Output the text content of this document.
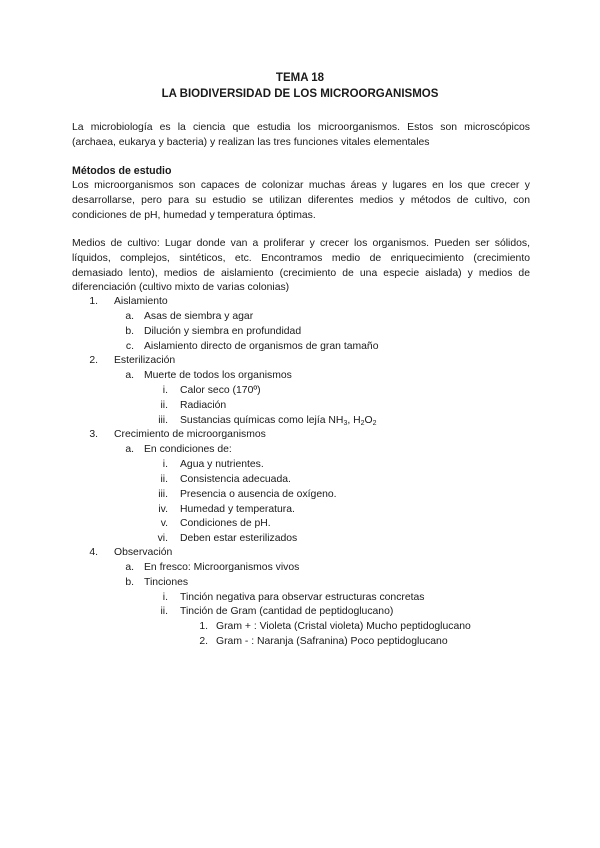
TEMA 18
LA BIODIVERSIDAD DE LOS MICROORGANISMOS
La microbiología es la ciencia que estudia los microorganismos. Estos son microscópicos
(archaea, eukarya y bacteria) y realizan las tres funciones vitales elementales
Métodos de estudio
Los microorganismos son capaces de colonizar muchas áreas y lugares en los que crecer y
desarrollarse, pero para su estudio se utilizan diferentes medios y métodos de cultivo, con
condiciones de pH, humedad y temperatura óptimas.
Medios de cultivo: Lugar donde van a proliferar y crecer los organismos. Pueden ser sólidos,
líquidos, complejos, sintéticos, etc. Encontramos medio de enriquecimiento (crecimiento
demasiado lento), medios de aislamiento (crecimiento de una especie aislada) y medios de
diferenciación (cultivo mixto de varias colonias)
1. Aislamiento
a. Asas de siembra y agar
b. Dilución y siembra en profundidad
c. Aislamiento directo de organismos de gran tamaño
2. Esterilización
a. Muerte de todos los organismos
i. Calor seco (170º)
ii. Radiación
iii. Sustancias químicas como lejía $NH_3$, $H_2O_2$
3. Crecimiento de microorganismos
a. En condiciones de:
i. Agua y nutrientes.
ii. Consistencia adecuada.
iii. Presencia o ausencia de oxígeno.
iv. Humedad y temperatura.
v. Condiciones de pH.
vi. Deben estar esterilizados
4. Observación
a. En fresco: Microorganismos vivos
b. Tinciones
i. Tinción negativa para observar estructuras concretas
ii. Tinción de Gram (cantidad de peptidoglucano)
1. Gram + : Violeta (Cristal violeta) Mucho peptidoglucano
2. Gram - : Naranja (Safranina) Poco peptidoglucano
